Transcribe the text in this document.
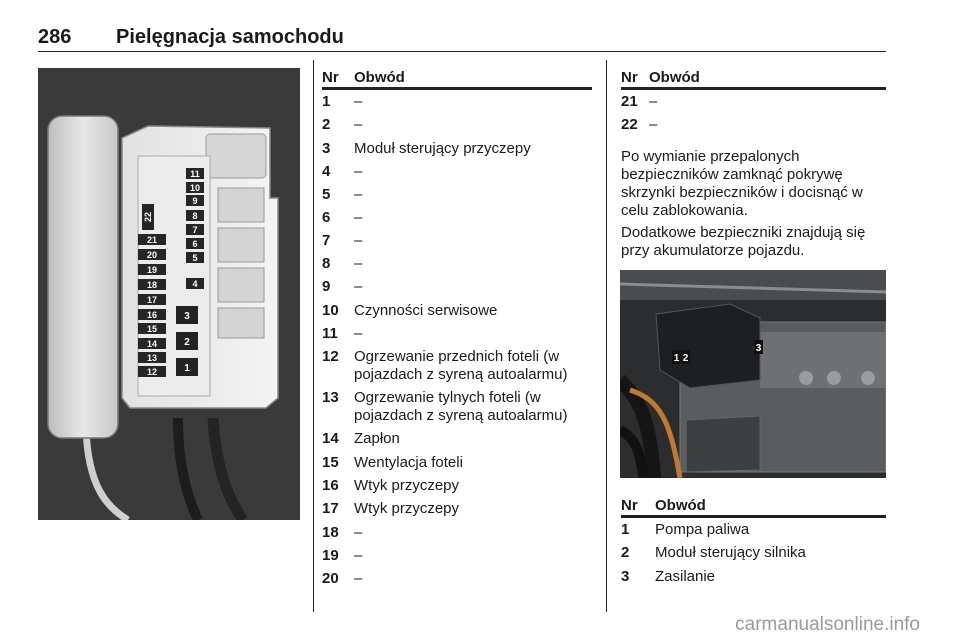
286 Pielęgnacja samochodu
11
10
9
8
7
6
5
4
22
21
20
19
18
17
16
15
14
13
12
3
2
1
Nr Obwód
1 –
2 –
3 Moduł sterujący przyczepy
4 –
5 –
6 –
7 –
8 –
9 –
10 Czynności serwisowe
11 –
12 Ogrzewanie przednich foteli (w
pojazdach z syreną autoalarmu)
13 Ogrzewanie tylnych foteli (w
pojazdach z syreną autoalarmu)
14 Zapłon
15 Wentylacja foteli
16 Wtyk przyczepy
17 Wtyk przyczepy
18 –
19 –
20 –
Nr Obwód
21 –
22 –
Po wymianie przepalonych
bezpieczników zamknąć pokrywę
skrzynki bezpieczników i docisnąć w
celu zablokowania.
Dodatkowe bezpieczniki znajdują się
przy akumulatorze pojazdu.
1 2
3
Nr Obwód
1 Pompa paliwa
2 Moduł sterujący silnika
3 Zasilanie
carmanualsonline.info
